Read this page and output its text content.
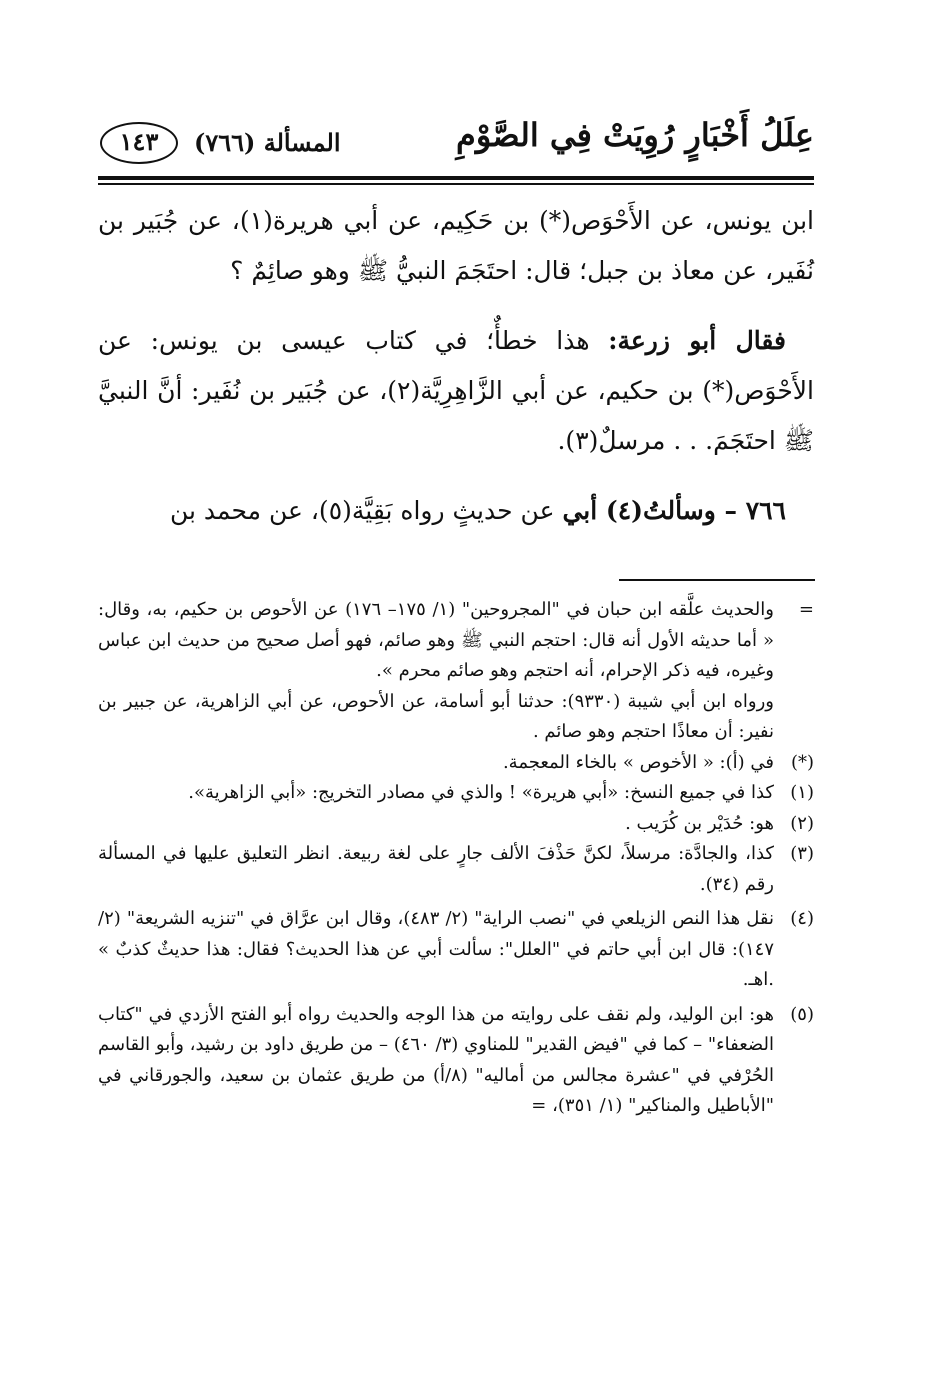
عِلَلُ أَخْبَارٍ رُوِيَتْ فِي الصَّوْمِ
المسألة (٧٦٦)
١٤٣

ابن يونس، عن الأَحْوَص(*) بن حَكِيم، عن أبي هريرة(١)، عن جُبَير بن نُفَير، عن معاذ بن جبل؛ قال: احتَجَمَ النبيُّ ﷺ وهو صائِمٌ ؟

فقال أبو زرعة: هذا خطأٌ؛ في كتاب عيسى بن يونس: عن الأَحْوَص(*) بن حكيم، عن أبي الزَّاهِرِيَّة(٢)، عن جُبَير بن نُفَير: أنَّ النبيَّ ﷺ احتَجَمَ. . . مرسلٌ(٣).

٧٦٦ – وسألتُ(٤) أبي عن حديثٍ رواه بَقِيَّة(٥)، عن محمد بن

=
والحديث علَّقه ابن حبان في "المجروحين" (١/ ١٧٥– ١٧٦) عن الأحوص بن حكيم، به، وقال: « أما حديثه الأول أنه قال: احتجم النبي ﷺ وهو صائم، فهو أصل صحيح من حديث ابن عباس وغيره، فيه ذكر الإحرام، أنه احتجم وهو صائم محرم ».
ورواه ابن أبي شيبة (٩٣٣٠): حدثنا أبو أسامة، عن الأحوص، عن أبي الزاهرية، عن جبير بن نفير: أن معاذًا احتجم وهو صائم .
(*)
في (أ): « الأخوص » بالخاء المعجمة.
(١)
كذا في جميع النسخ: «أبي هريرة» ! والذي في مصادر التخريج: «أبي الزاهرية».
(٢)
هو: حُدَيْر بن كُرَيب .
(٣)
كذا، والجادَّة: مرسلاً، لكنَّ حَذْفَ الألف جارٍ على لغة ربيعة. انظر التعليق عليها في المسألة رقم (٣٤).
(٤)
نقل هذا النص الزيلعي في "نصب الراية" (٢/ ٤٨٣)، وقال ابن عرَّاق في "تنزيه الشريعة" (٢/ ١٤٧): قال ابن أبي حاتم في "العلل": سألت أبي عن هذا الحديث؟ فقال: هذا حديثٌ كذبٌ » .اهـ.
(٥)
هو: ابن الوليد، ولم نقف على روايته من هذا الوجه والحديث رواه أبو الفتح الأزدي في "كتاب الضعفاء" – كما في "فيض القدير" للمناوي (٣/ ٤٦٠) – من طريق داود بن رشيد، وأبو القاسم الحُرْفي في "عشرة مجالس من أماليه" (٨/أ) من طريق عثمان بن سعيد، والجورقاني في "الأباطيل والمناكير" (١/ ٣٥١)، =
